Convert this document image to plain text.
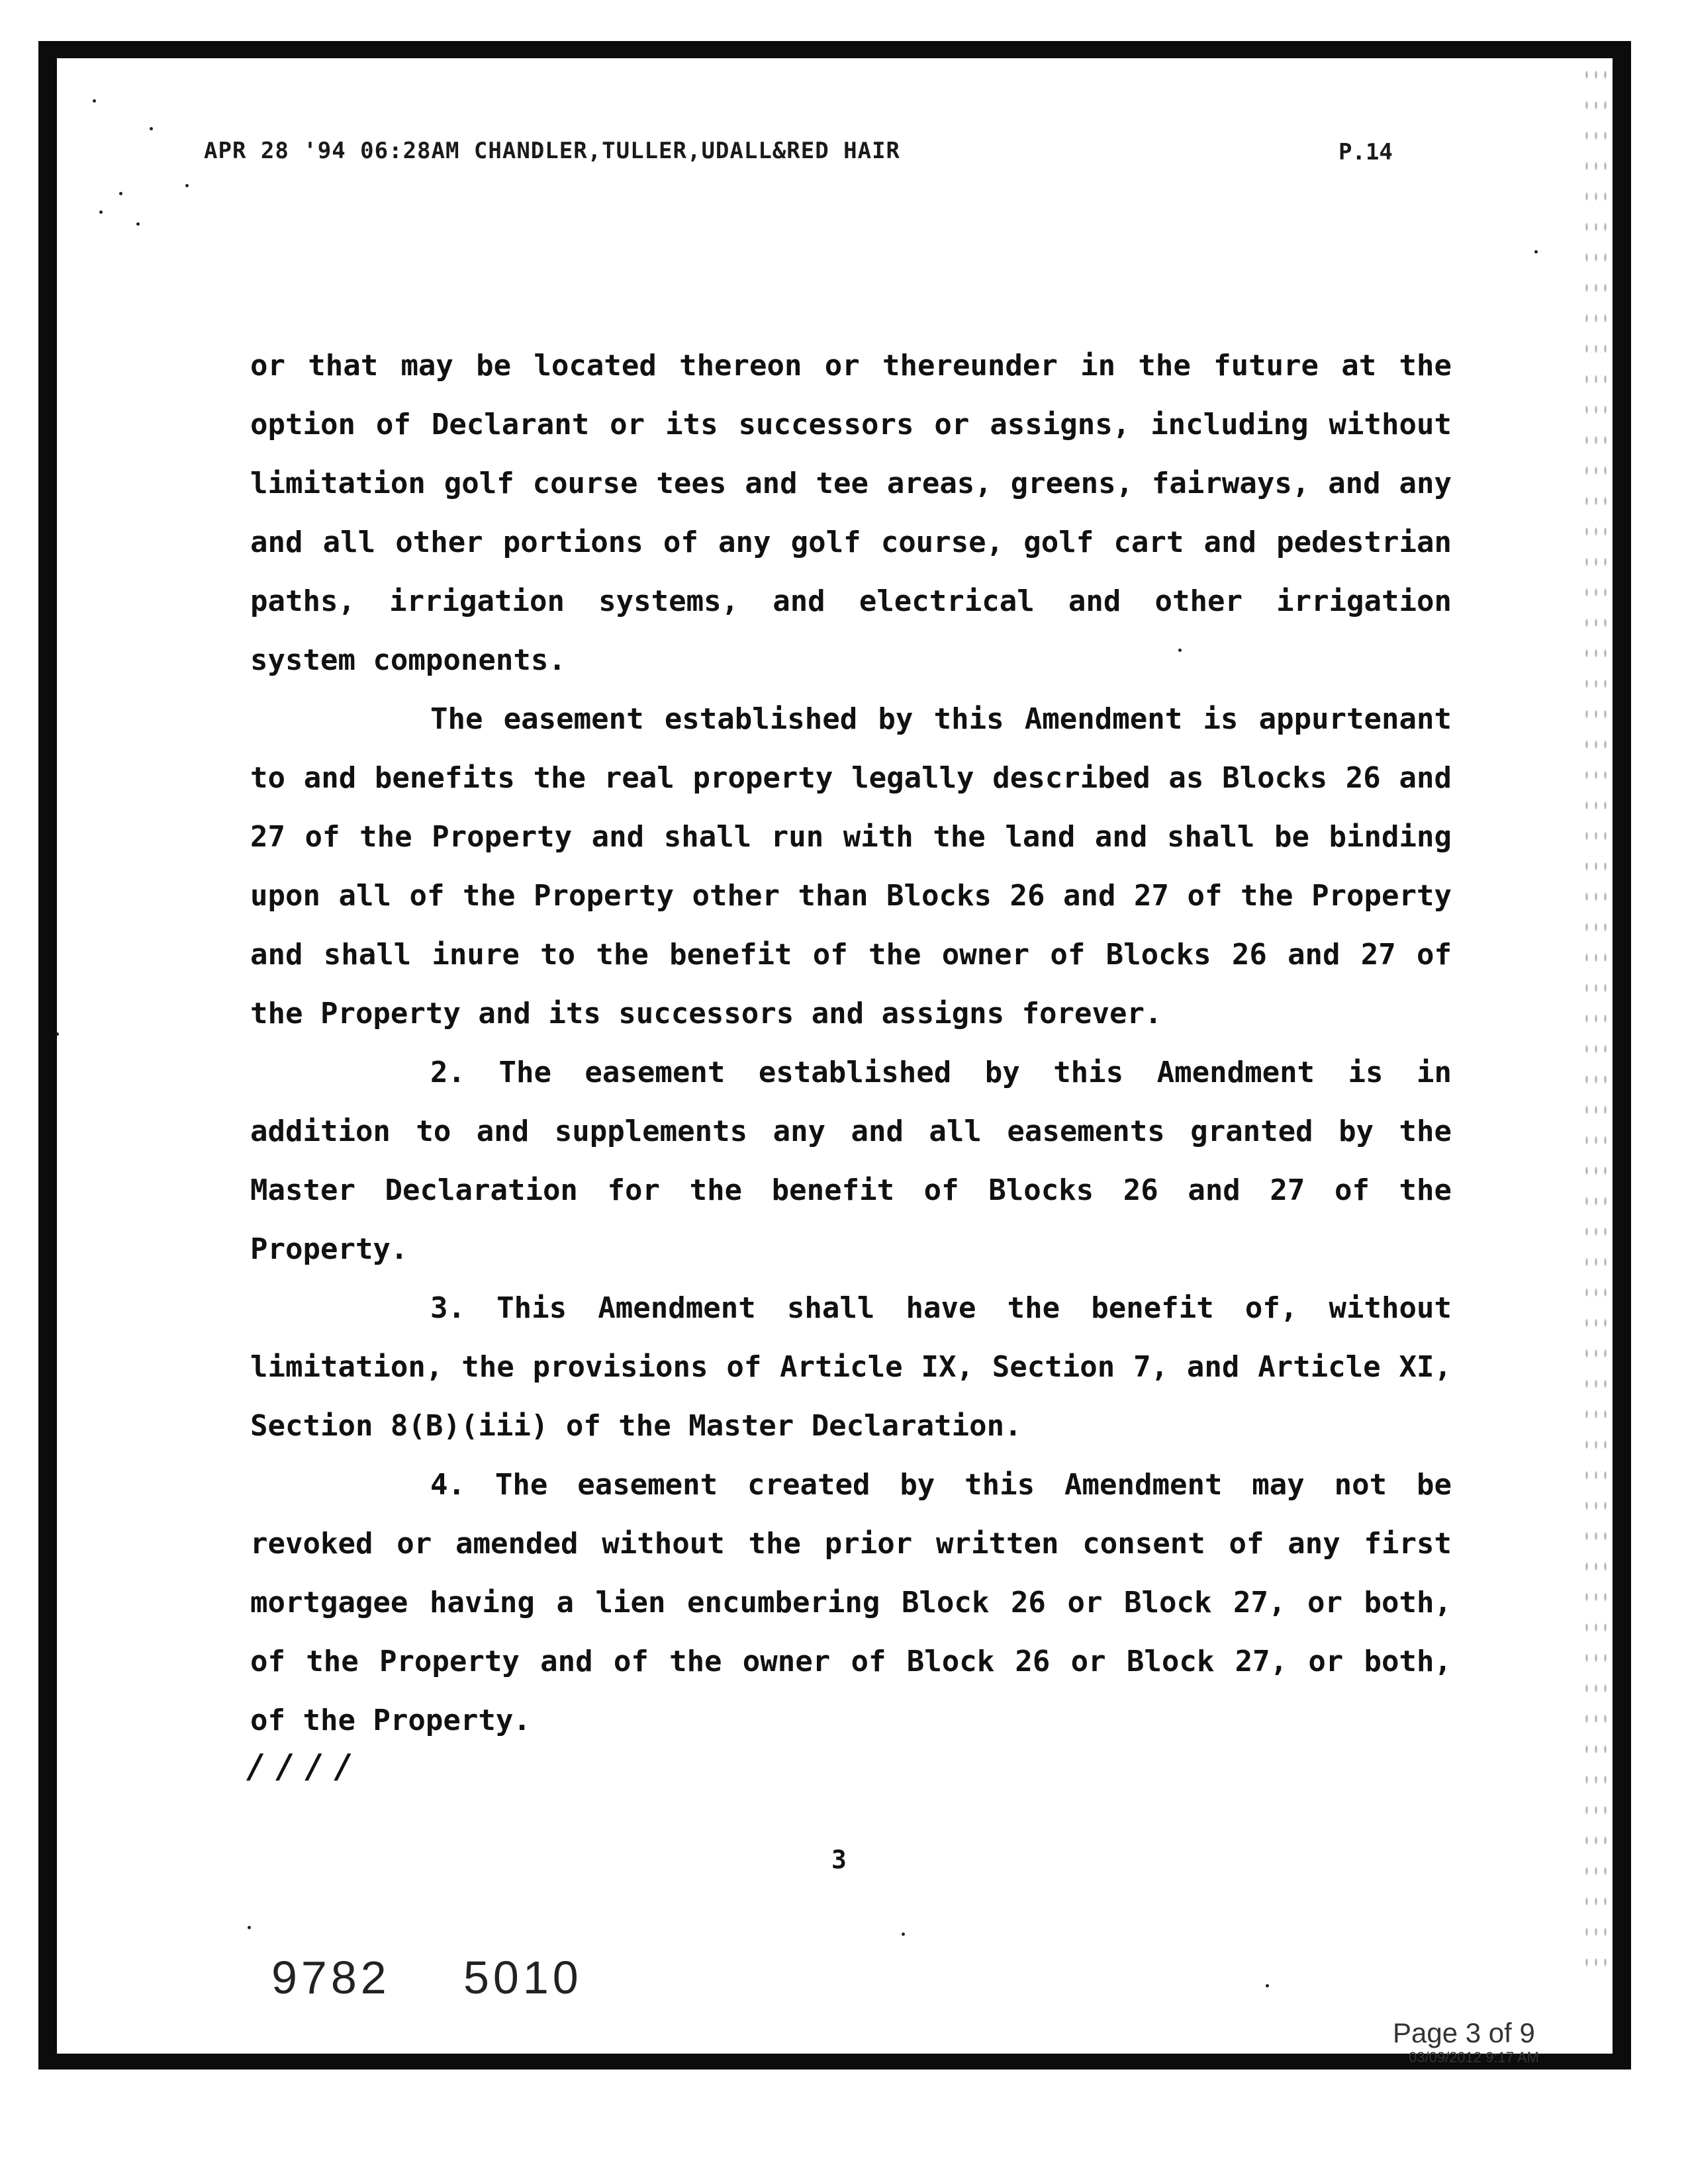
APR 28 '94 06:28AM CHANDLER,TULLER,UDALL&RED HAIR	P.14

or that may be located thereon or thereunder in the future at the option of Declarant or its successors or assigns, including without limitation golf course tees and tee areas, greens, fairways, and any and all other portions of any golf course, golf cart and pedestrian paths, irrigation systems, and electrical and other irrigation system components.

The easement established by this Amendment is appurtenant to and benefits the real property legally described as Blocks 26 and 27 of the Property and shall run with the land and shall be binding upon all of the Property other than Blocks 26 and 27 of the Property and shall inure to the benefit of the owner of Blocks 26 and 27 of the Property and its successors and assigns forever.

2. The easement established by this Amendment is in addition to and supplements any and all easements granted by the Master Declaration for the benefit of Blocks 26 and 27 of the Property.

3. This Amendment shall have the benefit of, without limitation, the provisions of Article IX, Section 7, and Article XI, Section 8(B)(iii) of the Master Declaration.

4. The easement created by this Amendment may not be revoked or amended without the prior written consent of any first mortgagee having a lien encumbering Block 26 or Block 27, or both, of the Property and of the owner of Block 26 or Block 27, or both, of the Property.

////
3
9782 5010
Page 3 of 9
03/09/2012 9:17 AM
